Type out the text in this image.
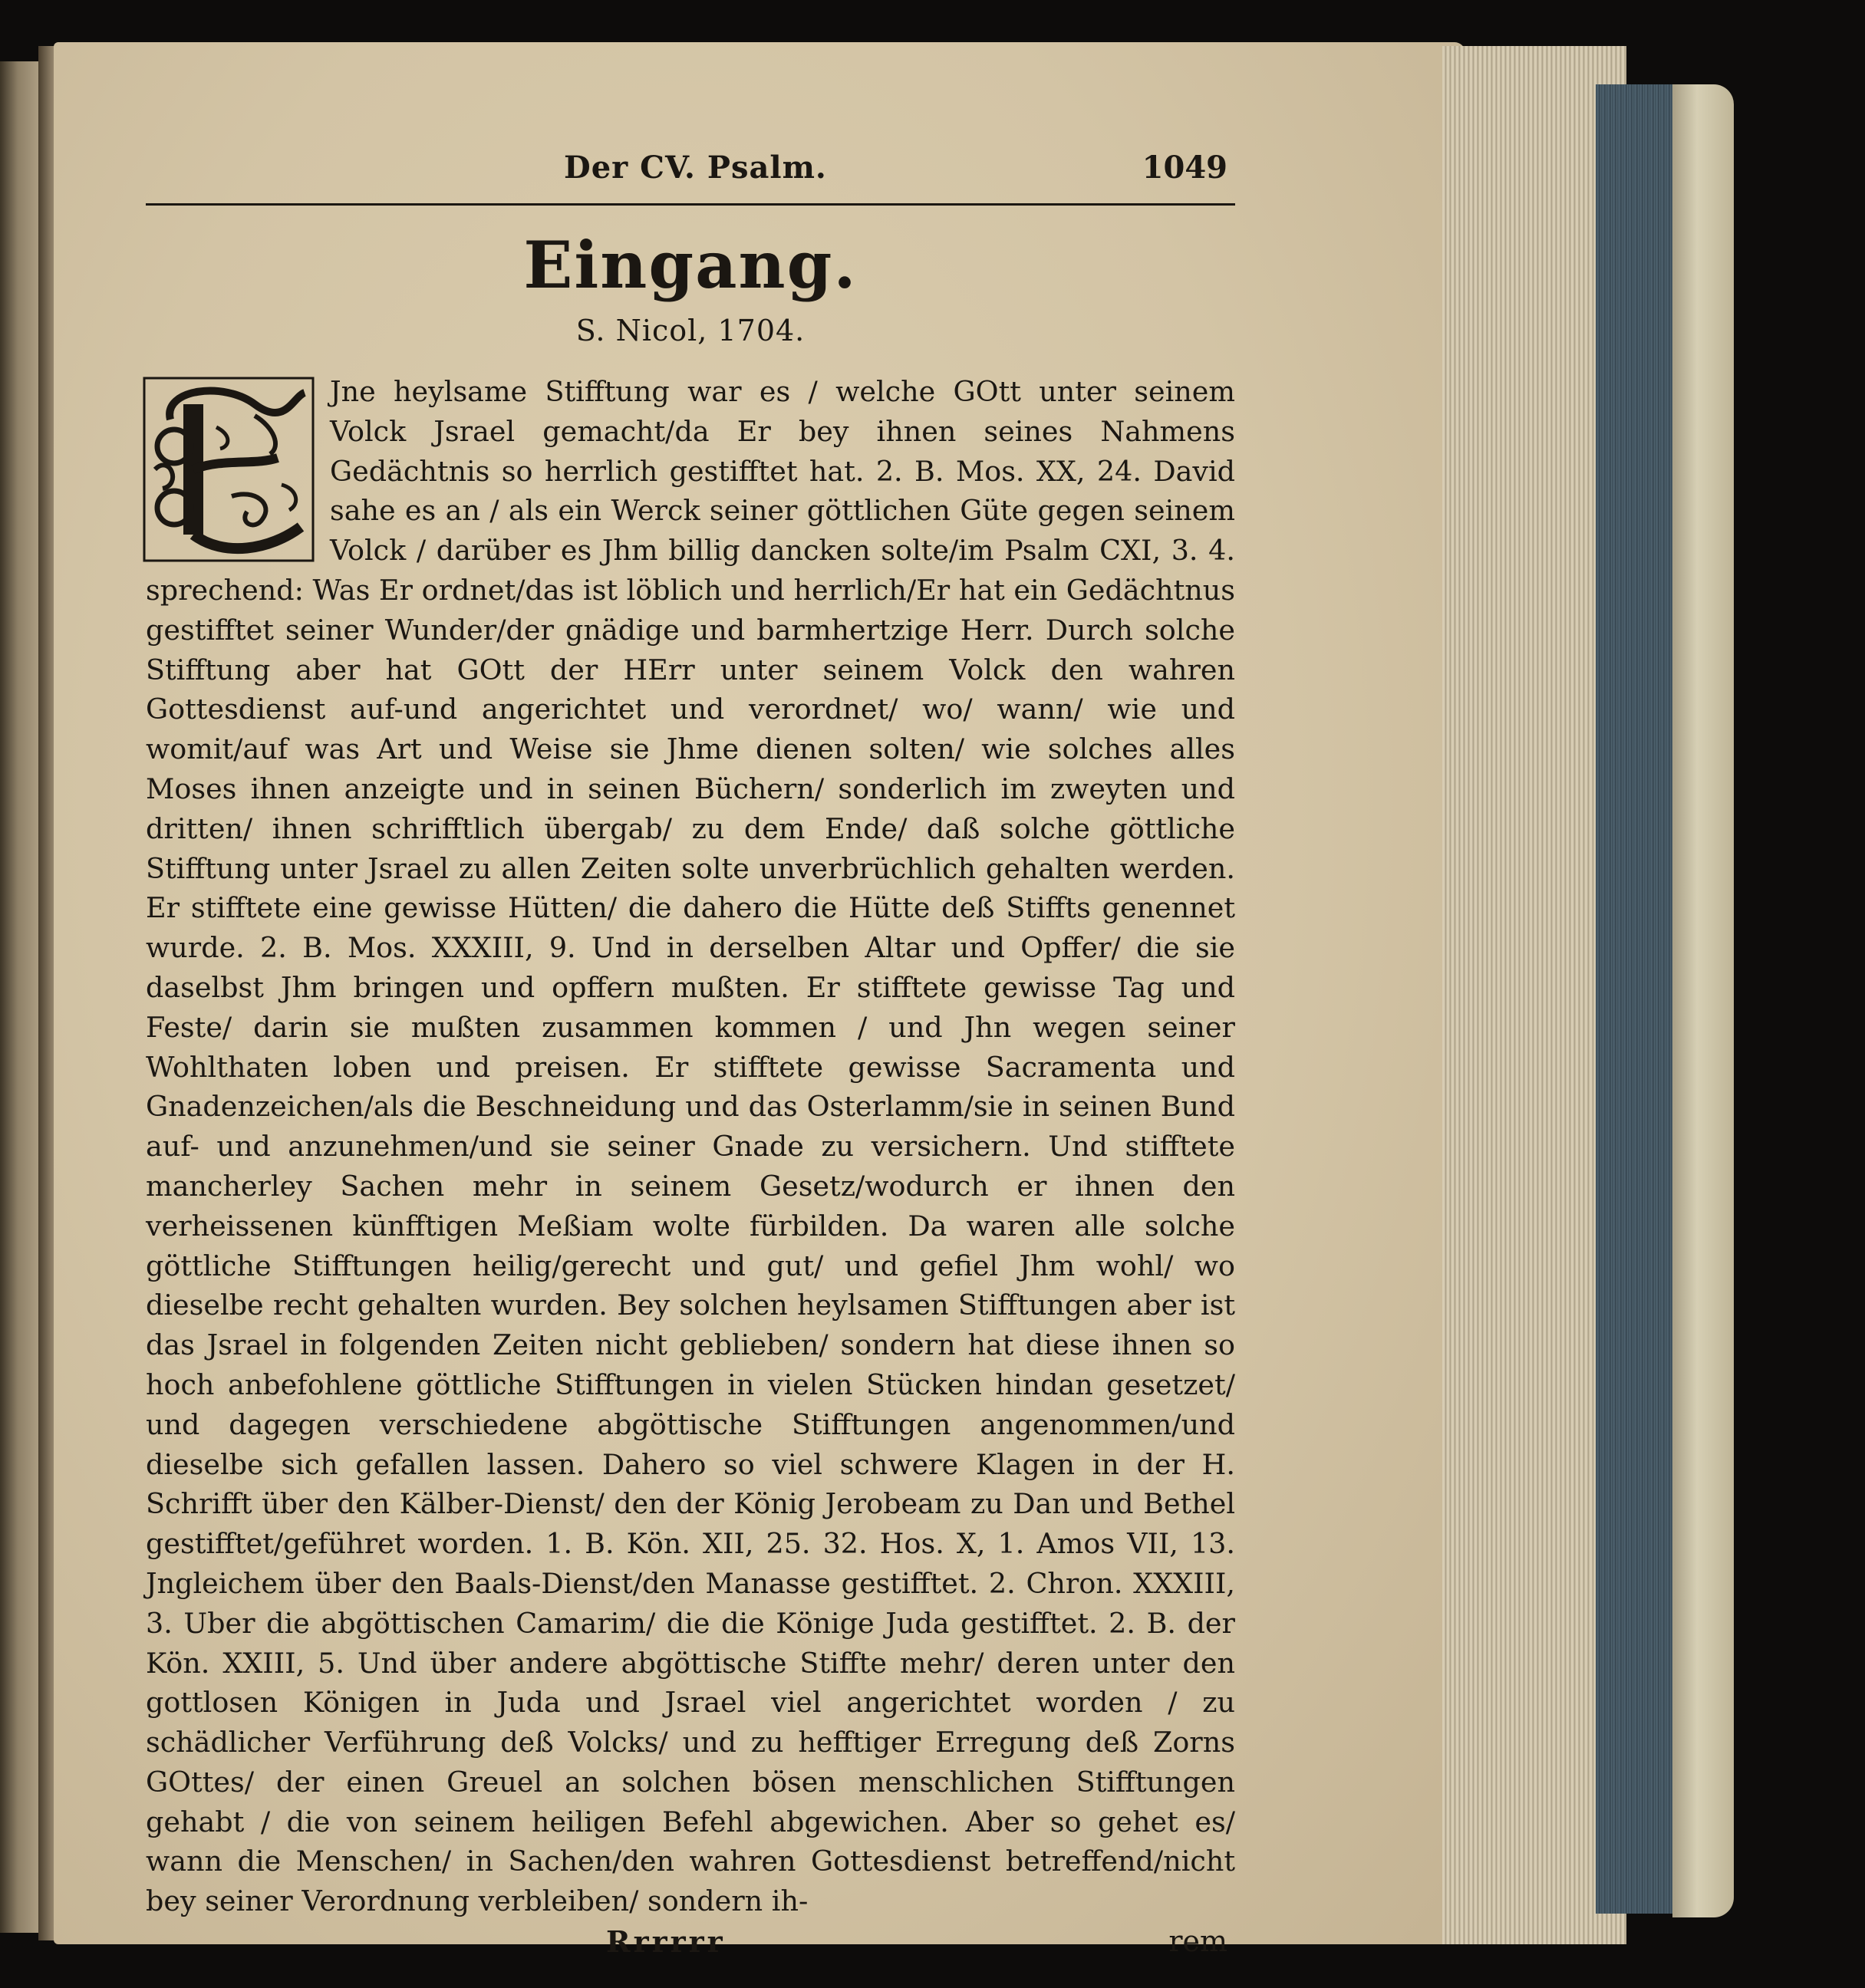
Der CV. Psalm.	1049
Eingang.
S. Nicol, 1704.

Jne heylsame Stifftung war es / welche GOtt unter seinem Volck Jsrael gemacht/da Er bey ihnen seines Nahmens Gedächtnis so herrlich gestifftet hat. 2. B. Mos. XX, 24. David sahe es an / als ein Werck seiner göttlichen Güte gegen seinem Volck / darüber es Jhm billig dancken solte/im Psalm CXI, 3. 4. sprechend: Was Er ordnet/das ist löblich und herrlich/Er hat ein Gedächtnus gestifftet seiner Wunder/der gnädige und barmhertzige Herr. Durch solche Stifftung aber hat GOtt der HErr unter seinem Volck den wahren Gottesdienst auf-und angerichtet und verordnet/ wo/ wann/ wie und womit/auf was Art und Weise sie Jhme dienen solten/ wie solches alles Moses ihnen anzeigte und in seinen Büchern/ sonderlich im zweyten und dritten/ ihnen schrifftlich übergab/ zu dem Ende/ daß solche göttliche Stifftung unter Jsrael zu allen Zeiten solte unverbrüchlich gehalten werden. Er stifftete eine gewisse Hütten/ die dahero die Hütte deß Stiffts genennet wurde. 2. B. Mos. XXXIII, 9. Und in derselben Altar und Opffer/ die sie daselbst Jhm bringen und opffern mußten. Er stifftete gewisse Tag und Feste/ darin sie mußten zusammen kommen / und Jhn wegen seiner Wohlthaten loben und preisen. Er stifftete gewisse Sacramenta und Gnadenzeichen/als die Beschneidung und das Osterlamm/sie in seinen Bund auf- und anzunehmen/und sie seiner Gnade zu versichern. Und stifftete mancherley Sachen mehr in seinem Gesetz/wodurch er ihnen den verheissenen künfftigen Meßiam wolte fürbilden. Da waren alle solche göttliche Stifftungen heilig/gerecht und gut/ und gefiel Jhm wohl/ wo dieselbe recht gehalten wurden. Bey solchen heylsamen Stifftungen aber ist das Jsrael in folgenden Zeiten nicht geblieben/ sondern hat diese ihnen so hoch anbefohlene göttliche Stifftungen in vielen Stücken hindan gesetzet/ und dagegen verschiedene abgöttische Stifftungen angenommen/und dieselbe sich gefallen lassen. Dahero so viel schwere Klagen in der H. Schrifft über den Kälber-Dienst/ den der König Jerobeam zu Dan und Bethel gestifftet/geführet worden. 1. B. Kön. XII, 25. 32. Hos. X, 1. Amos VII, 13. Jngleichem über den Baals-Dienst/den Manasse gestifftet. 2. Chron. XXXIII, 3. Uber die abgöttischen Camarim/ die die Könige Juda gestifftet. 2. B. der Kön. XXIII, 5. Und über andere abgöttische Stiffte mehr/ deren unter den gottlosen Königen in Juda und Jsrael viel angerichtet worden / zu schädlicher Verführung deß Volcks/ und zu hefftiger Erregung deß Zorns GOttes/ der einen Greuel an solchen bösen menschlichen Stifftungen gehabt / die von seinem heiligen Befehl abgewichen. Aber so gehet es/ wann die Menschen/ in Sachen/den wahren Gottesdienst betreffend/nicht bey seiner Verordnung verbleiben/ sondern ih-

Rrrrrr	rem
